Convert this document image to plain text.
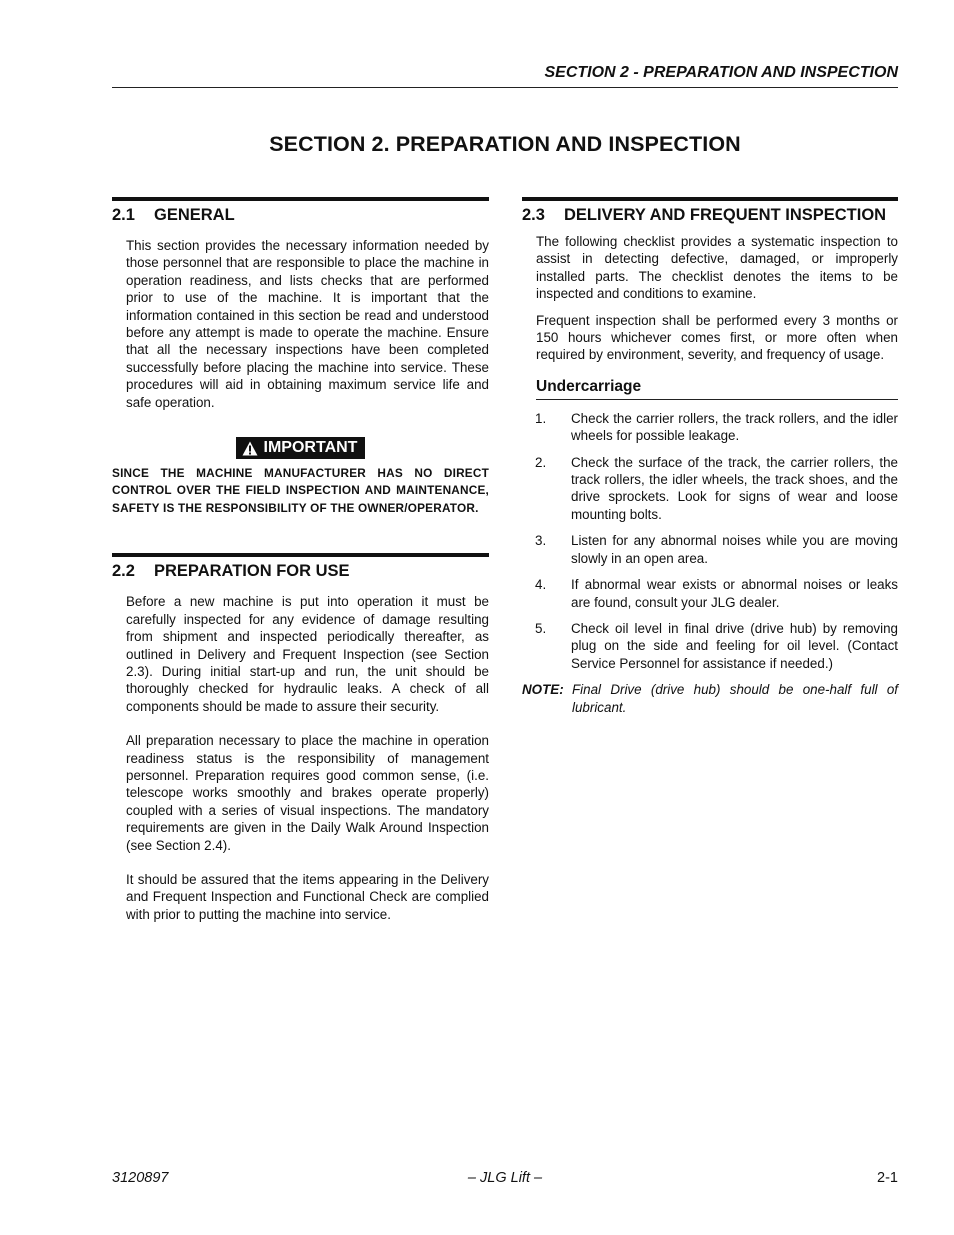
SECTION 2 - PREPARATION AND INSPECTION
SECTION 2. PREPARATION AND INSPECTION
2.1	GENERAL

This section provides the necessary information needed by those personnel that are responsible to place the machine in operation readiness, and lists checks that are performed prior to use of the machine. It is important that the information contained in this section be read and understood before any attempt is made to operate the machine. Ensure that all the necessary inspections have been completed successfully before placing the machine into service. These procedures will aid in obtaining maximum service life and safe operation.

IMPORTANT
SINCE THE MACHINE MANUFACTURER HAS NO DIRECT CONTROL OVER THE FIELD INSPECTION AND MAINTENANCE, SAFETY IS THE RESPONSIBILITY OF THE OWNER/OPERATOR.
2.2	PREPARATION FOR USE

Before a new machine is put into operation it must be carefully inspected for any evidence of damage resulting from shipment and inspected periodically thereafter, as outlined in Delivery and Frequent Inspection (see Section 2.3). During initial start-up and run, the unit should be thoroughly checked for hydraulic leaks. A check of all components should be made to assure their security.

All preparation necessary to place the machine in operation readiness status is the responsibility of management personnel. Preparation requires good common sense, (i.e. telescope works smoothly and brakes operate properly) coupled with a series of visual inspections. The mandatory requirements are given in the Daily Walk Around Inspection (see Section 2.4).

It should be assured that the items appearing in the Delivery and Frequent Inspection and Functional Check are complied with prior to putting the machine into service.

2.3	DELIVERY AND FREQUENT INSPECTION

The following checklist provides a systematic inspection to assist in detecting defective, damaged, or improperly installed parts. The checklist denotes the items to be inspected and conditions to examine.

Frequent inspection shall be performed every 3 months or 150 hours whichever comes first, or more often when required by environment, severity, and frequency of usage.

Undercarriage
1.	Check the carrier rollers, the track rollers, and the idler wheels for possible leakage.
2.	Check the surface of the track, the carrier rollers, the track rollers, the idler wheels, the track shoes, and the drive sprockets. Look for signs of wear and loose mounting bolts.
3.	Listen for any abnormal noises while you are moving slowly in an open area.
4.	If abnormal wear exists or abnormal noises or leaks are found, consult your JLG dealer.
5.	Check oil level in final drive (drive hub) by removing plug on the side and feeling for oil level. (Contact Service Personnel for assistance if needed.)
NOTE: Final Drive (drive hub) should be one-half full of lubricant.
3120897	– JLG Lift –	2-1
